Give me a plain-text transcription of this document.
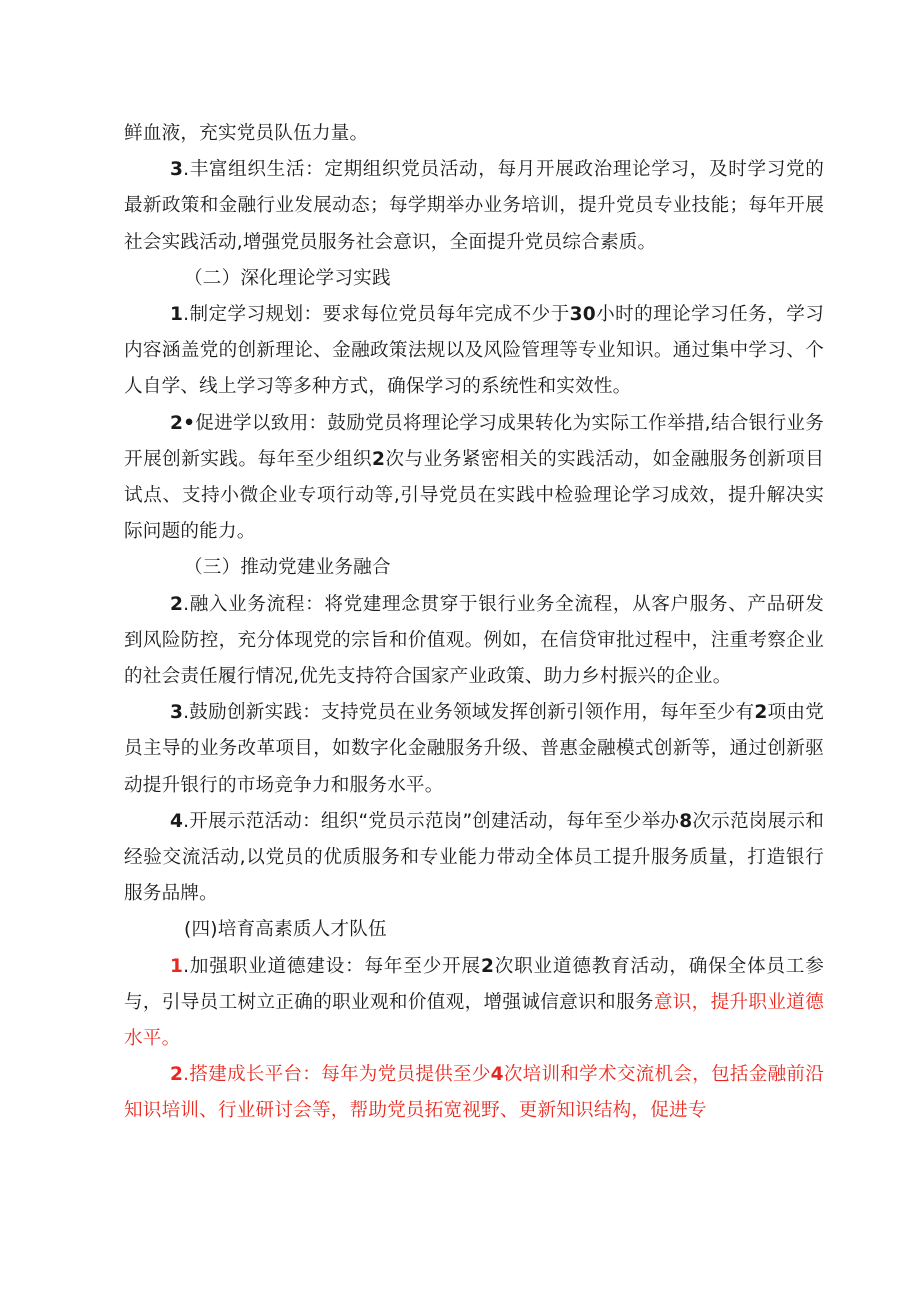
鲜血液，充实党员队伍力量。

3.丰富组织生活：定期组织党员活动，每月开展政治理论学习，及时学习党的最新政策和金融行业发展动态；每学期举办业务培训，提升党员专业技能；每年开展社会实践活动,增强党员服务社会意识，全面提升党员综合素质。

（二）深化理论学习实践

1.制定学习规划：要求每位党员每年完成不少于30小时的理论学习任务，学习内容涵盖党的创新理论、金融政策法规以及风险管理等专业知识。通过集中学习、个人自学、线上学习等多种方式，确保学习的系统性和实效性。

2•促进学以致用：鼓励党员将理论学习成果转化为实际工作举措,结合银行业务开展创新实践。每年至少组织2次与业务紧密相关的实践活动，如金融服务创新项目试点、支持小微企业专项行动等,引导党员在实践中检验理论学习成效，提升解决实际问题的能力。

（三）推动党建业务融合

2.融入业务流程：将党建理念贯穿于银行业务全流程，从客户服务、产品研发到风险防控，充分体现党的宗旨和价值观。例如，在信贷审批过程中，注重考察企业的社会责任履行情况,优先支持符合国家产业政策、助力乡村振兴的企业。

3.鼓励创新实践：支持党员在业务领域发挥创新引领作用，每年至少有2项由党员主导的业务改革项目，如数字化金融服务升级、普惠金融模式创新等，通过创新驱动提升银行的市场竞争力和服务水平。

4.开展示范活动：组织“党员示范岗”创建活动，每年至少举办8次示范岗展示和经验交流活动,以党员的优质服务和专业能力带动全体员工提升服务质量，打造银行服务品牌。

(四)培育高素质人才队伍

1.加强职业道德建设：每年至少开展2次职业道德教育活动，确保全体员工参与，引导员工树立正确的职业观和价值观，增强诚信意识和服务意识，提升职业道德水平。

2.搭建成长平台：每年为党员提供至少4次培训和学术交流机会，包括金融前沿知识培训、行业研讨会等，帮助党员拓宽视野、更新知识结构，促进专
